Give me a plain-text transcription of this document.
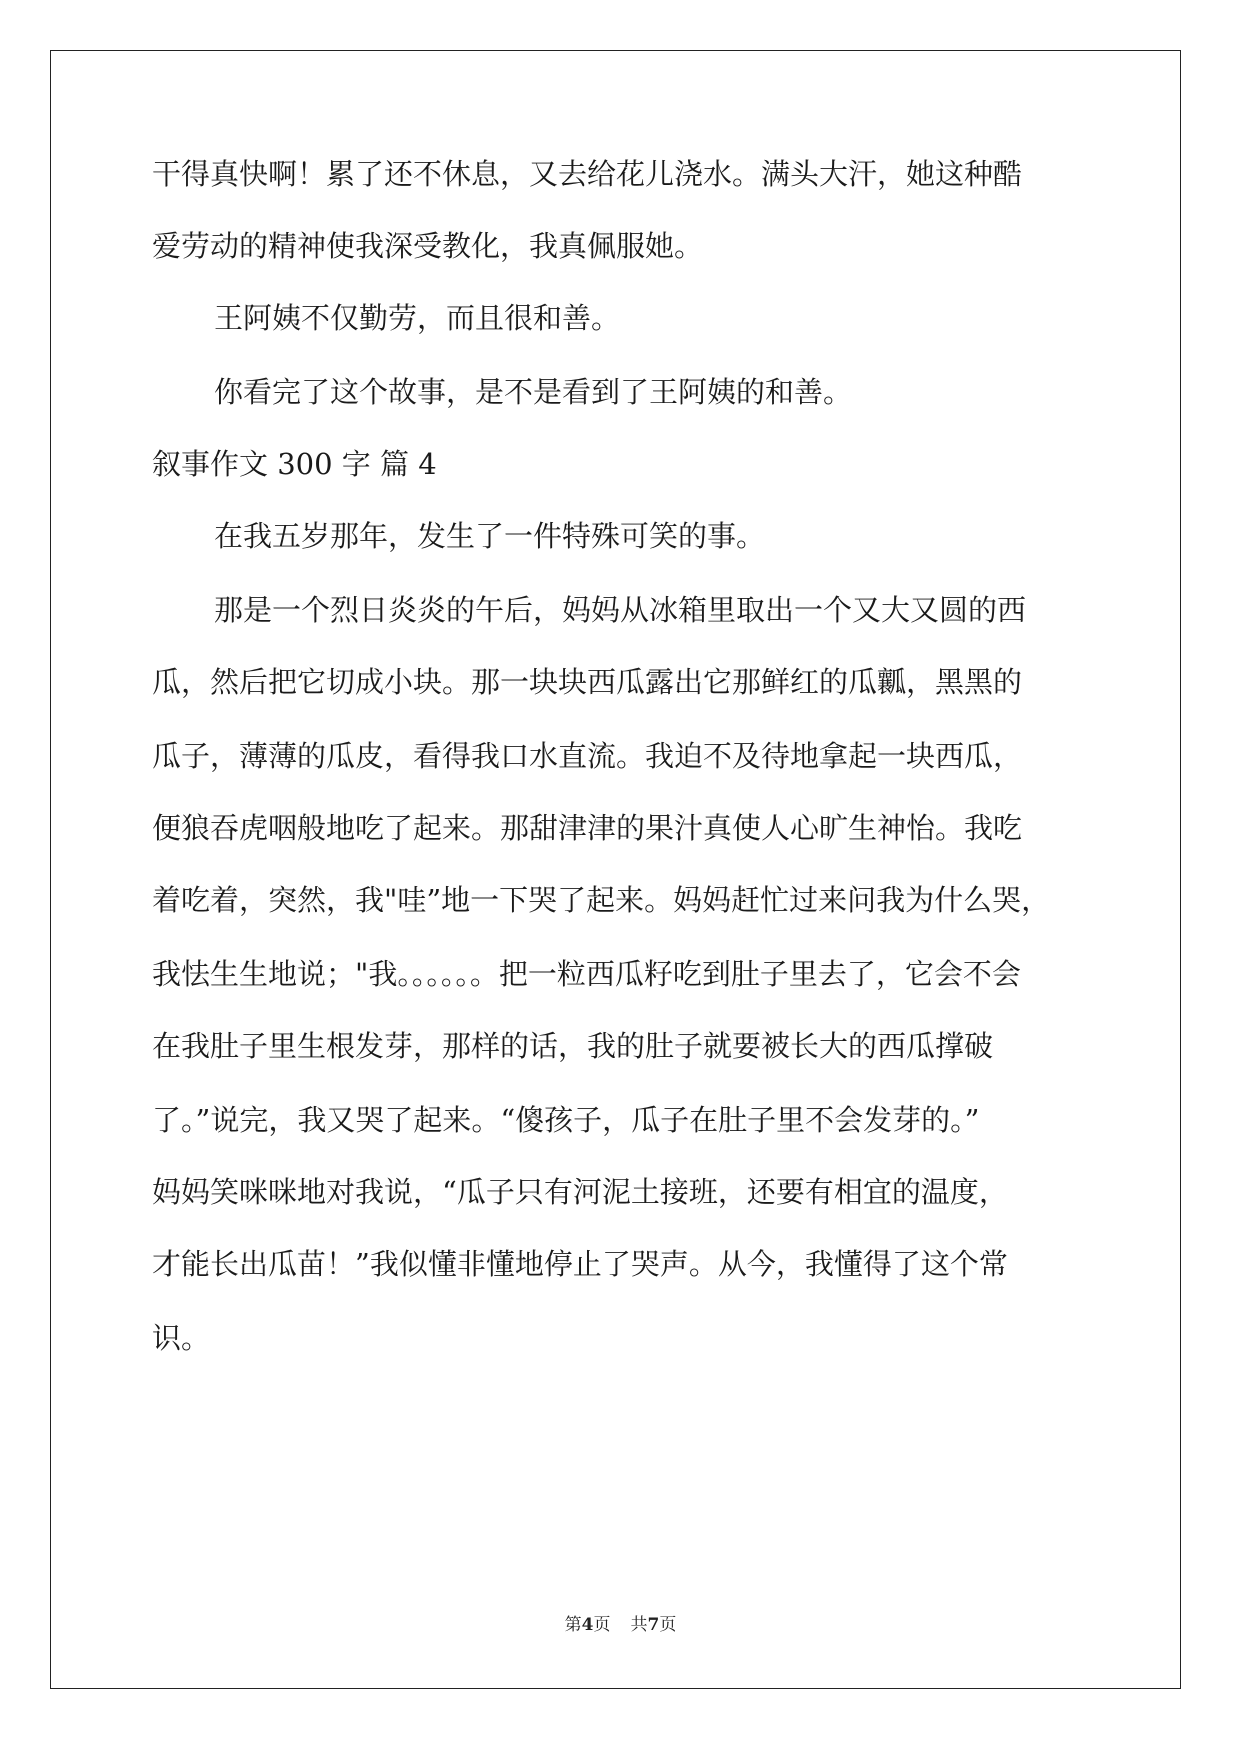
干得真快啊！累了还不休息，又去给花儿浇水。满头大汗，她这种酷
爱劳动的精神使我深受教化，我真佩服她。
王阿姨不仅勤劳，而且很和善。
你看完了这个故事，是不是看到了王阿姨的和善。
叙事作文 300 字 篇 4
在我五岁那年，发生了一件特殊可笑的事。
那是一个烈日炎炎的午后，妈妈从冰箱里取出一个又大又圆的西
瓜，然后把它切成小块。那一块块西瓜露出它那鲜红的瓜瓤，黑黑的
瓜子，薄薄的瓜皮，看得我口水直流。我迫不及待地拿起一块西瓜，
便狼吞虎咽般地吃了起来。那甜津津的果汁真使人心旷生神怡。我吃
着吃着，突然，我"哇”地一下哭了起来。妈妈赶忙过来问我为什么哭，
我怯生生地说；"我。。。。。。把一粒西瓜籽吃到肚子里去了，它会不会
在我肚子里生根发芽，那样的话，我的肚子就要被长大的西瓜撑破
了。”说完，我又哭了起来。“傻孩子，瓜子在肚子里不会发芽的。”
妈妈笑咪咪地对我说，“瓜子只有河泥土接班，还要有相宜的温度，
才能长出瓜苗！”我似懂非懂地停止了哭声。从今，我懂得了这个常
识。
第4页 共7页
